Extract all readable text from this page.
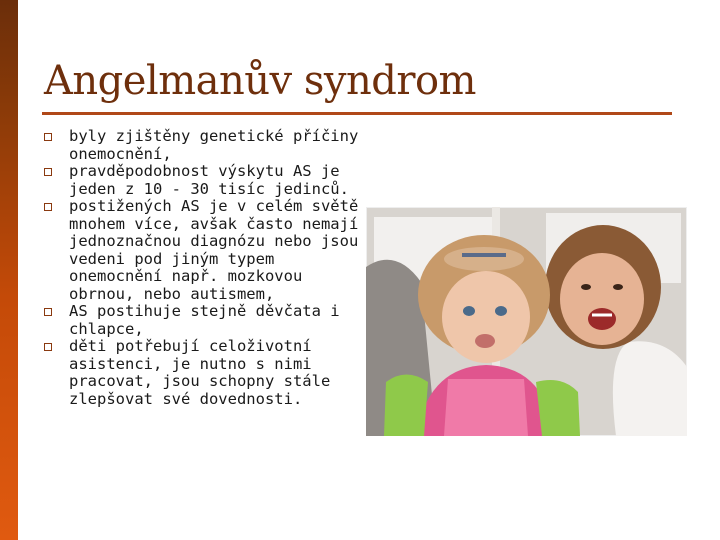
Angelmanův syndrom
byly zjištěny genetické příčiny onemocnění,
pravděpodobnost výskytu AS je jeden z 10 - 30 tisíc jedinců.
postižených AS je v celém světě mnohem více, avšak často nemají jednoznačnou diagnózu nebo jsou vedeni pod jiným typem onemocnění např. mozkovou obrnou, nebo autismem,
AS postihuje stejně děvčata i chlapce,
děti potřebují celoživotní asistenci, je nutno s nimi pracovat, jsou schopny stále zlepšovat své dovednosti.
